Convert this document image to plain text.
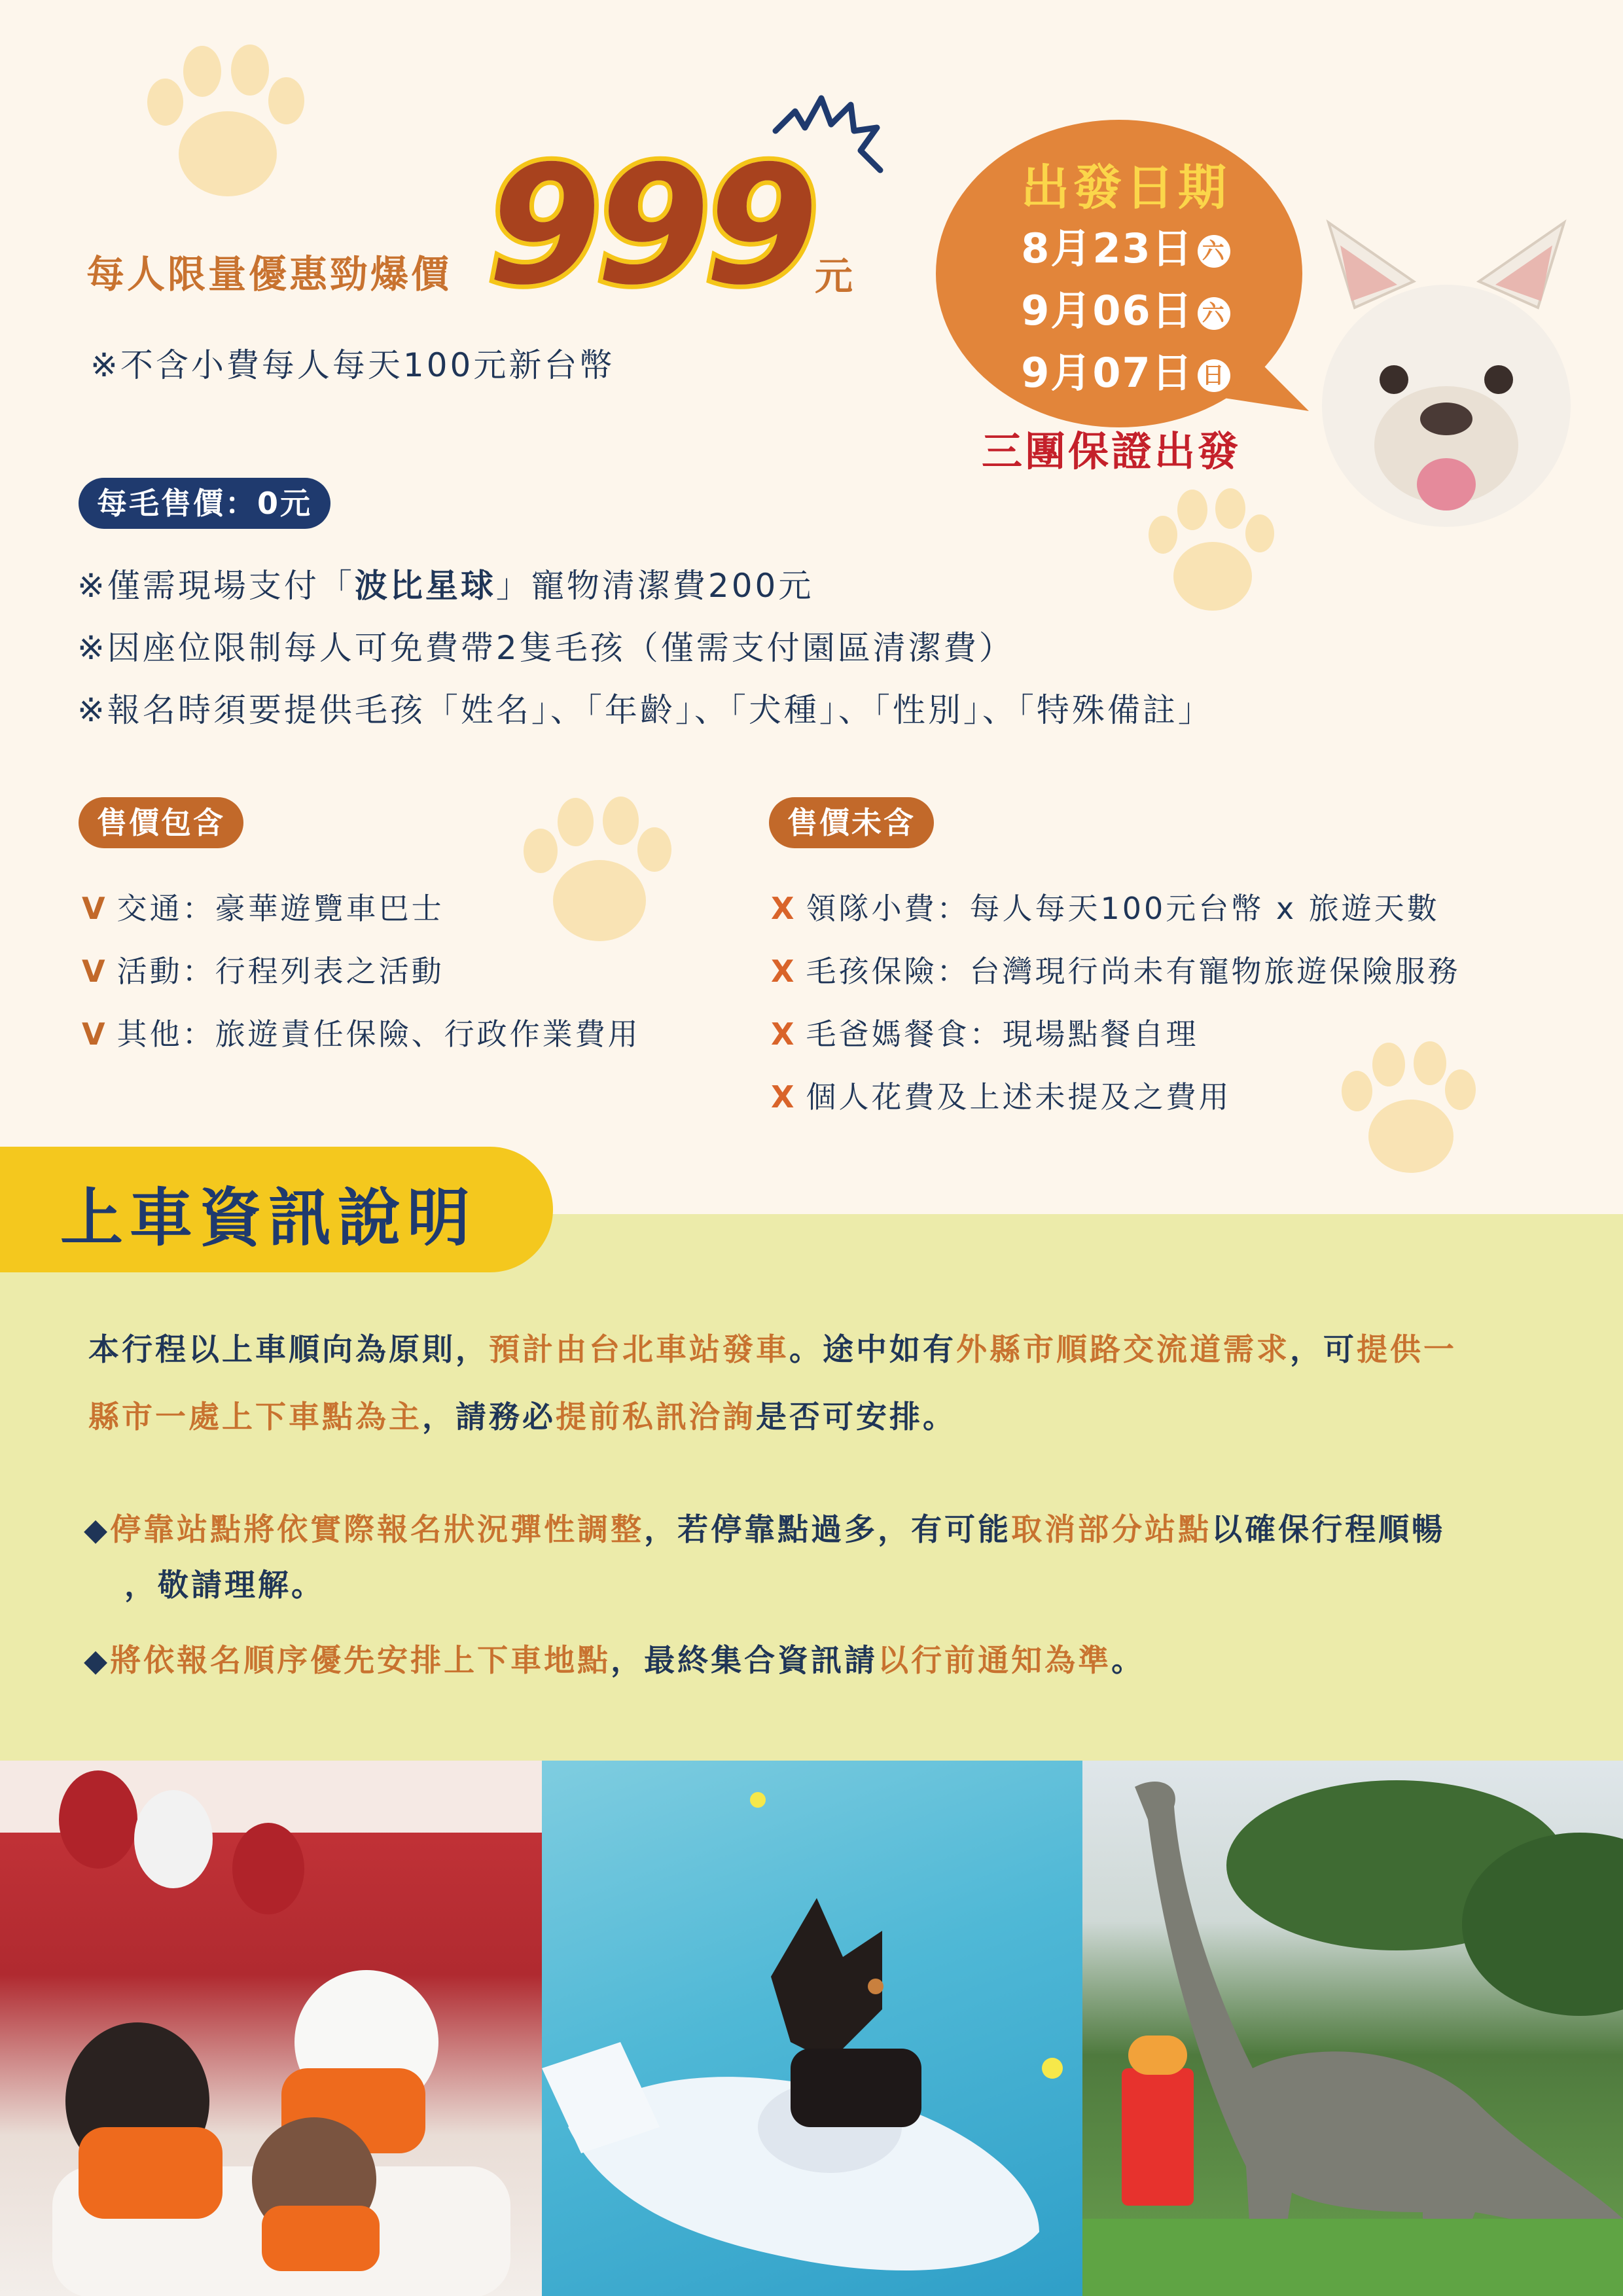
每人限量優惠勁爆價 999 元
※不含小費每人每天100元新台幣
出發日期
8月23日 六
9月06日 六
9月07日 日
三團保證出發
每毛售價：0元
※僅需現場支付「波比星球」寵物清潔費200元
※因座位限制每人可免費帶2隻毛孩（僅需支付園區清潔費）
※報名時須要提供毛孩「姓名」、「年齡」、「犬種」、「性別」、「特殊備註」
售價包含
V 交通：豪華遊覽車巴士
V 活動：行程列表之活動
V 其他：旅遊責任保險、行政作業費用
售價未含
X 領隊小費：每人每天100元台幣 x 旅遊天數
X 毛孩保險：台灣現行尚未有寵物旅遊保險服務
X 毛爸媽餐食：現場點餐自理
X 個人花費及上述未提及之費用
上車資訊說明
本行程以上車順向為原則，預計由台北車站發車。途中如有外縣市順路交流道需求，可提供一
縣市一處上下車點為主，請務必提前私訊洽詢是否可安排。
◆停靠站點將依實際報名狀況彈性調整，若停靠點過多，有可能取消部分站點以確保行程順暢
，敬請理解。
◆將依報名順序優先安排上下車地點，最終集合資訊請以行前通知為準。
